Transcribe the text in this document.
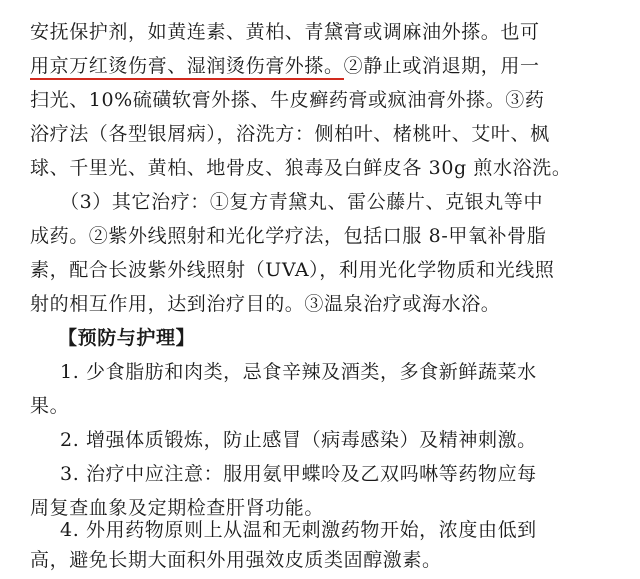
安抚保护剂，如黄连素、黄柏、青黛膏或调麻油外搽。也可
用京万红烫伤膏、湿润烫伤膏外搽。②静止或消退期，用一
扫光、10%硫磺软膏外搽、牛皮癣药膏或疯油膏外搽。③药
浴疗法（各型银屑病），浴洗方：侧柏叶、楮桃叶、艾叶、枫
球、千里光、黄柏、地骨皮、狼毒及白鲜皮各 30g 煎水浴洗。
（3）其它治疗：①复方青黛丸、雷公藤片、克银丸等中
成药。②紫外线照射和光化学疗法，包括口服 8-甲氧补骨脂
素，配合长波紫外线照射（UVA），利用光化学物质和光线照
射的相互作用，达到治疗目的。③温泉治疗或海水浴。
【预防与护理】
1. 少食脂肪和肉类，忌食辛辣及酒类，多食新鲜蔬菜水
果。
2. 增强体质锻炼，防止感冒（病毒感染）及精神刺激。
3. 治疗中应注意：服用氨甲蝶呤及乙双吗啉等药物应每
周复查血象及定期检查肝肾功能。
4. 外用药物原则上从温和无刺激药物开始，浓度由低到
高，避免长期大面积外用强效皮质类固醇激素。
